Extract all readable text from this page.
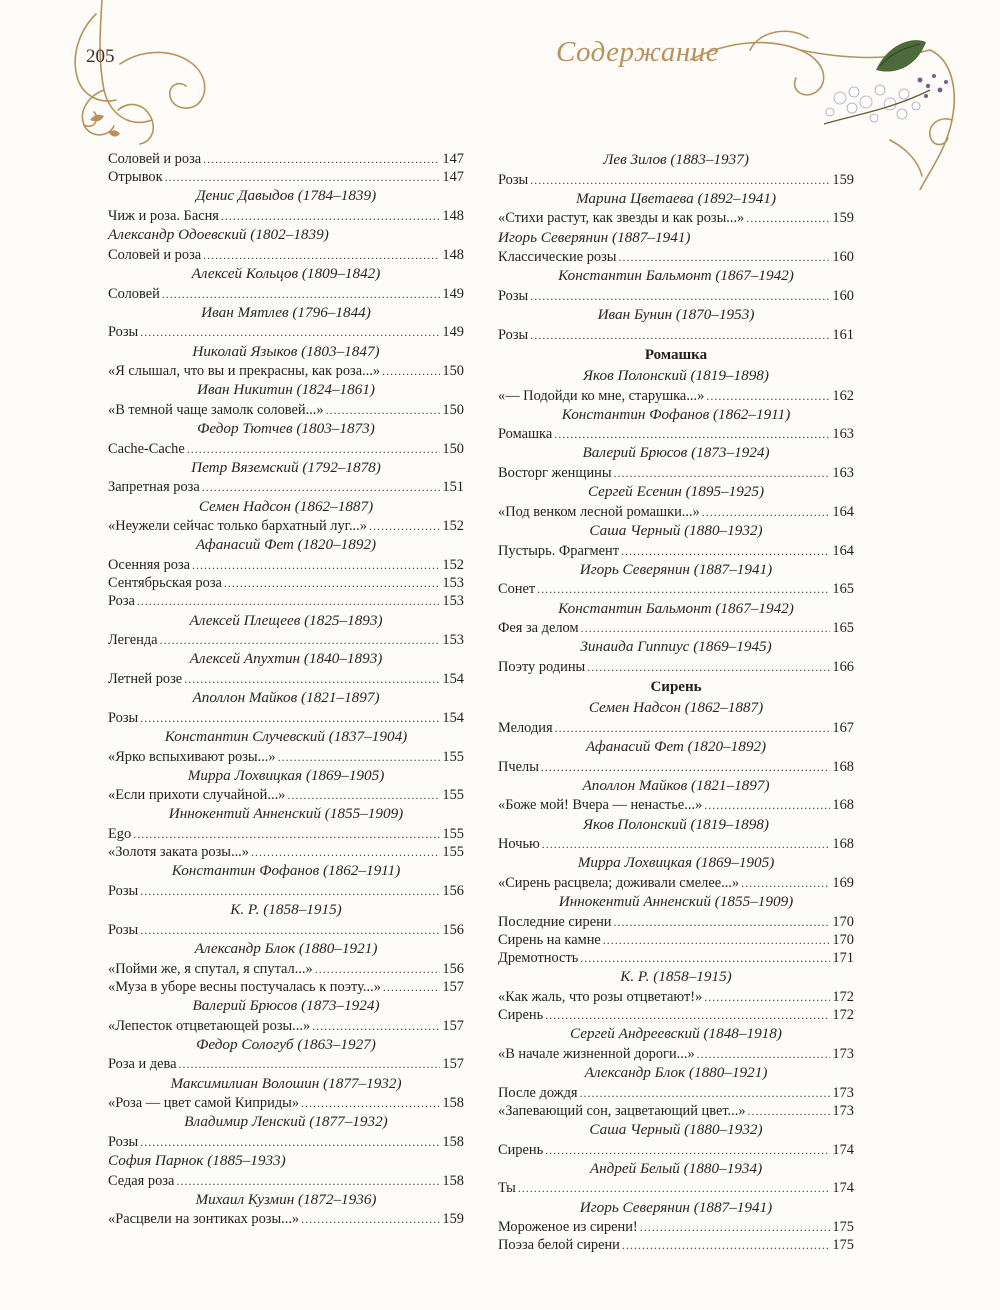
205	Содержание
Соловей и роза . . .	147
Отрывок . . .	147
Денис Давыдов (1784–1839)
Чиж и роза. Басня . . .	148
Александр Одоевский (1802–1839)
Соловей и роза . . .	148
Алексей Кольцов (1809–1842)
Соловей . . .	149
Иван Мятлев (1796–1844)
Розы . . .	149
Николай Языков (1803–1847)
«Я слышал, что вы и прекрасны, как роза...» . . .	150
Иван Никитин (1824–1861)
«В темной чаще замолк соловей...» . . .	150
Федор Тютчев (1803–1873)
Cache-Cache . . .	150
Петр Вяземский (1792–1878)
Запретная роза . . .	151
Семен Надсон (1862–1887)
«Неужели сейчас только бархатный луг...» . . .	152
Афанасий Фет (1820–1892)
Осенняя роза . . .	152
Сентябрьская роза . . .	153
Роза . . .	153
Алексей Плещеев (1825–1893)
Легенда . . .	153
Алексей Апухтин (1840–1893)
Летней розе . . .	154
Аполлон Майков (1821–1897)
Розы . . .	154
Константин Случевский (1837–1904)
«Ярко вспыхивают розы...» . . .	155
Мирра Лохвицкая (1869–1905)
«Если прихоти случайной...» . . .	155
Иннокентий Анненский (1855–1909)
Ego . . .	155
«Золотя заката розы...» . . .	155
Константин Фофанов (1862–1911)
Розы . . .	156
К. Р. (1858–1915)
Розы . . .	156
Александр Блок (1880–1921)
«Пойми же, я спутал, я спутал...» . . .	156
«Муза в уборе весны постучалась к поэту...» . . .	157
Валерий Брюсов (1873–1924)
«Лепесток отцветающей розы...» . . .	157
Федор Сологуб (1863–1927)
Роза и дева . . .	157
Максимилиан Волошин (1877–1932)
«Роза — цвет самой Киприды» . . .	158
Владимир Ленский (1877–1932)
Розы . . .	158
София Парнок (1885–1933)
Седая роза . . .	158
Михаил Кузмин (1872–1936)
«Расцвели на зонтиках розы...» . . .	159
Лев Зилов (1883–1937)
Розы . . .	159
Марина Цветаева (1892–1941)
«Стихи растут, как звезды и как розы...» . . .	159
Игорь Северянин (1887–1941)
Классические розы . . .	160
Константин Бальмонт (1867–1942)
Розы . . .	160
Иван Бунин (1870–1953)
Розы . . .	161
Ромашка
Яков Полонский (1819–1898)
«— Подойди ко мне, старушка...» . . .	162
Константин Фофанов (1862–1911)
Ромашка . . .	163
Валерий Брюсов (1873–1924)
Восторг женщины . . .	163
Сергей Есенин (1895–1925)
«Под венком лесной ромашки...» . . .	164
Саша Черный (1880–1932)
Пустырь. Фрагмент . . .	164
Игорь Северянин (1887–1941)
Сонет . . .	165
Константин Бальмонт (1867–1942)
Фея за делом . . .	165
Зинаида Гиппиус (1869–1945)
Поэту родины . . .	166
Сирень
Семен Надсон (1862–1887)
Мелодия . . .	167
Афанасий Фет (1820–1892)
Пчелы . . .	168
Аполлон Майков (1821–1897)
«Боже мой! Вчера — ненастье...» . . .	168
Яков Полонский (1819–1898)
Ночью . . .	168
Мирра Лохвицкая (1869–1905)
«Сирень расцвела; доживали смелее...» . . .	169
Иннокентий Анненский (1855–1909)
Последние сирени . . .	170
Сирень на камне . . .	170
Дремотность . . .	171
К. Р. (1858–1915)
«Как жаль, что розы отцветают!» . . .	172
Сирень . . .	172
Сергей Андреевский (1848–1918)
«В начале жизненной дороги...» . . .	173
Александр Блок (1880–1921)
После дождя . . .	173
«Запевающий сон, зацветающий цвет...» . . .	173
Саша Черный (1880–1932)
Сирень . . .	174
Андрей Белый (1880–1934)
Ты . . .	174
Игорь Северянин (1887–1941)
Мороженое из сирени! . . .	175
Поэза белой сирени . . .	175
